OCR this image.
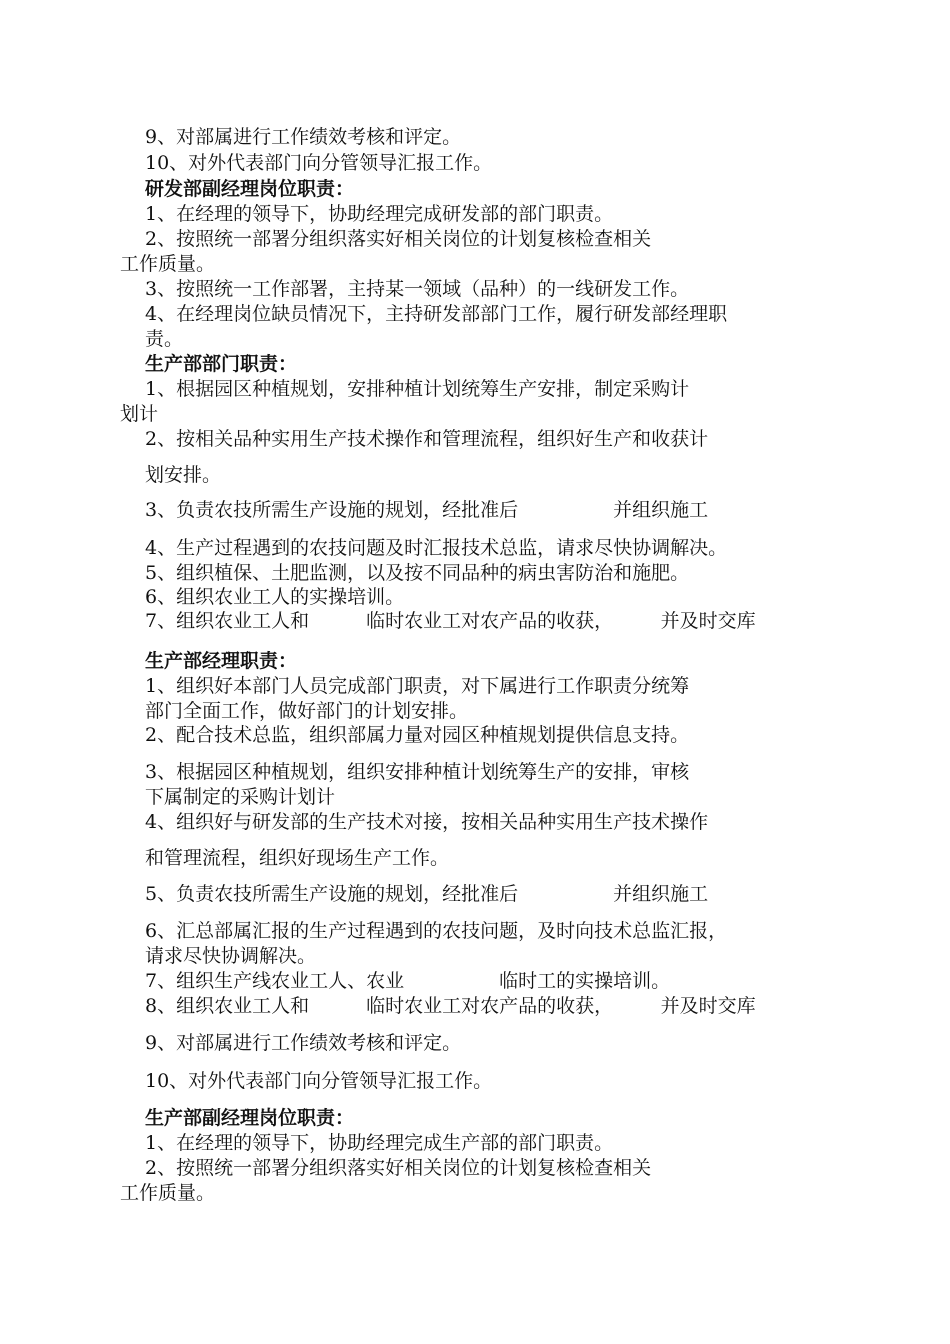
9、对部属进行工作绩效考核和评定。
10、对外代表部门向分管领导汇报工作。
研发部副经理岗位职责：
1、在经理的领导下，协助经理完成研发部的部门职责。
2、按照统一部署分组织落实好相关岗位的计划复核检查相关
工作质量。
3、按照统一工作部署，主持某一领域（品种）的一线研发工作。
4、在经理岗位缺员情况下，主持研发部部门工作，履行研发部经理职
责。
生产部部门职责：
1、根据园区种植规划，安排种植计划统筹生产安排，制定采购计
划计
2、按相关品种实用生产技术操作和管理流程，组织好生产和收获计
划安排。
3、负责农技所需生产设施的规划，经批准后　　　　　并组织施工
4、生产过程遇到的农技问题及时汇报技术总监，请求尽快协调解决。
5、组织植保、土肥监测，以及按不同品种的病虫害防治和施肥。
6、组织农业工人的实操培训。
7、组织农业工人和　　　临时农业工对农产品的收获，　　　并及时交库
生产部经理职责：
1、组织好本部门人员完成部门职责，对下属进行工作职责分统筹
部门全面工作，做好部门的计划安排。
2、配合技术总监，组织部属力量对园区种植规划提供信息支持。
3、根据园区种植规划，组织安排种植计划统筹生产的安排，审核
下属制定的采购计划计
4、组织好与研发部的生产技术对接，按相关品种实用生产技术操作
和管理流程，组织好现场生产工作。
5、负责农技所需生产设施的规划，经批准后　　　　　并组织施工
6、汇总部属汇报的生产过程遇到的农技问题，及时向技术总监汇报，
请求尽快协调解决。
7、组织生产线农业工人、农业　　　　　临时工的实操培训。
8、组织农业工人和　　　临时农业工对农产品的收获，　　　并及时交库
9、对部属进行工作绩效考核和评定。
10、对外代表部门向分管领导汇报工作。
生产部副经理岗位职责：
1、在经理的领导下，协助经理完成生产部的部门职责。
2、按照统一部署分组织落实好相关岗位的计划复核检查相关
工作质量。
